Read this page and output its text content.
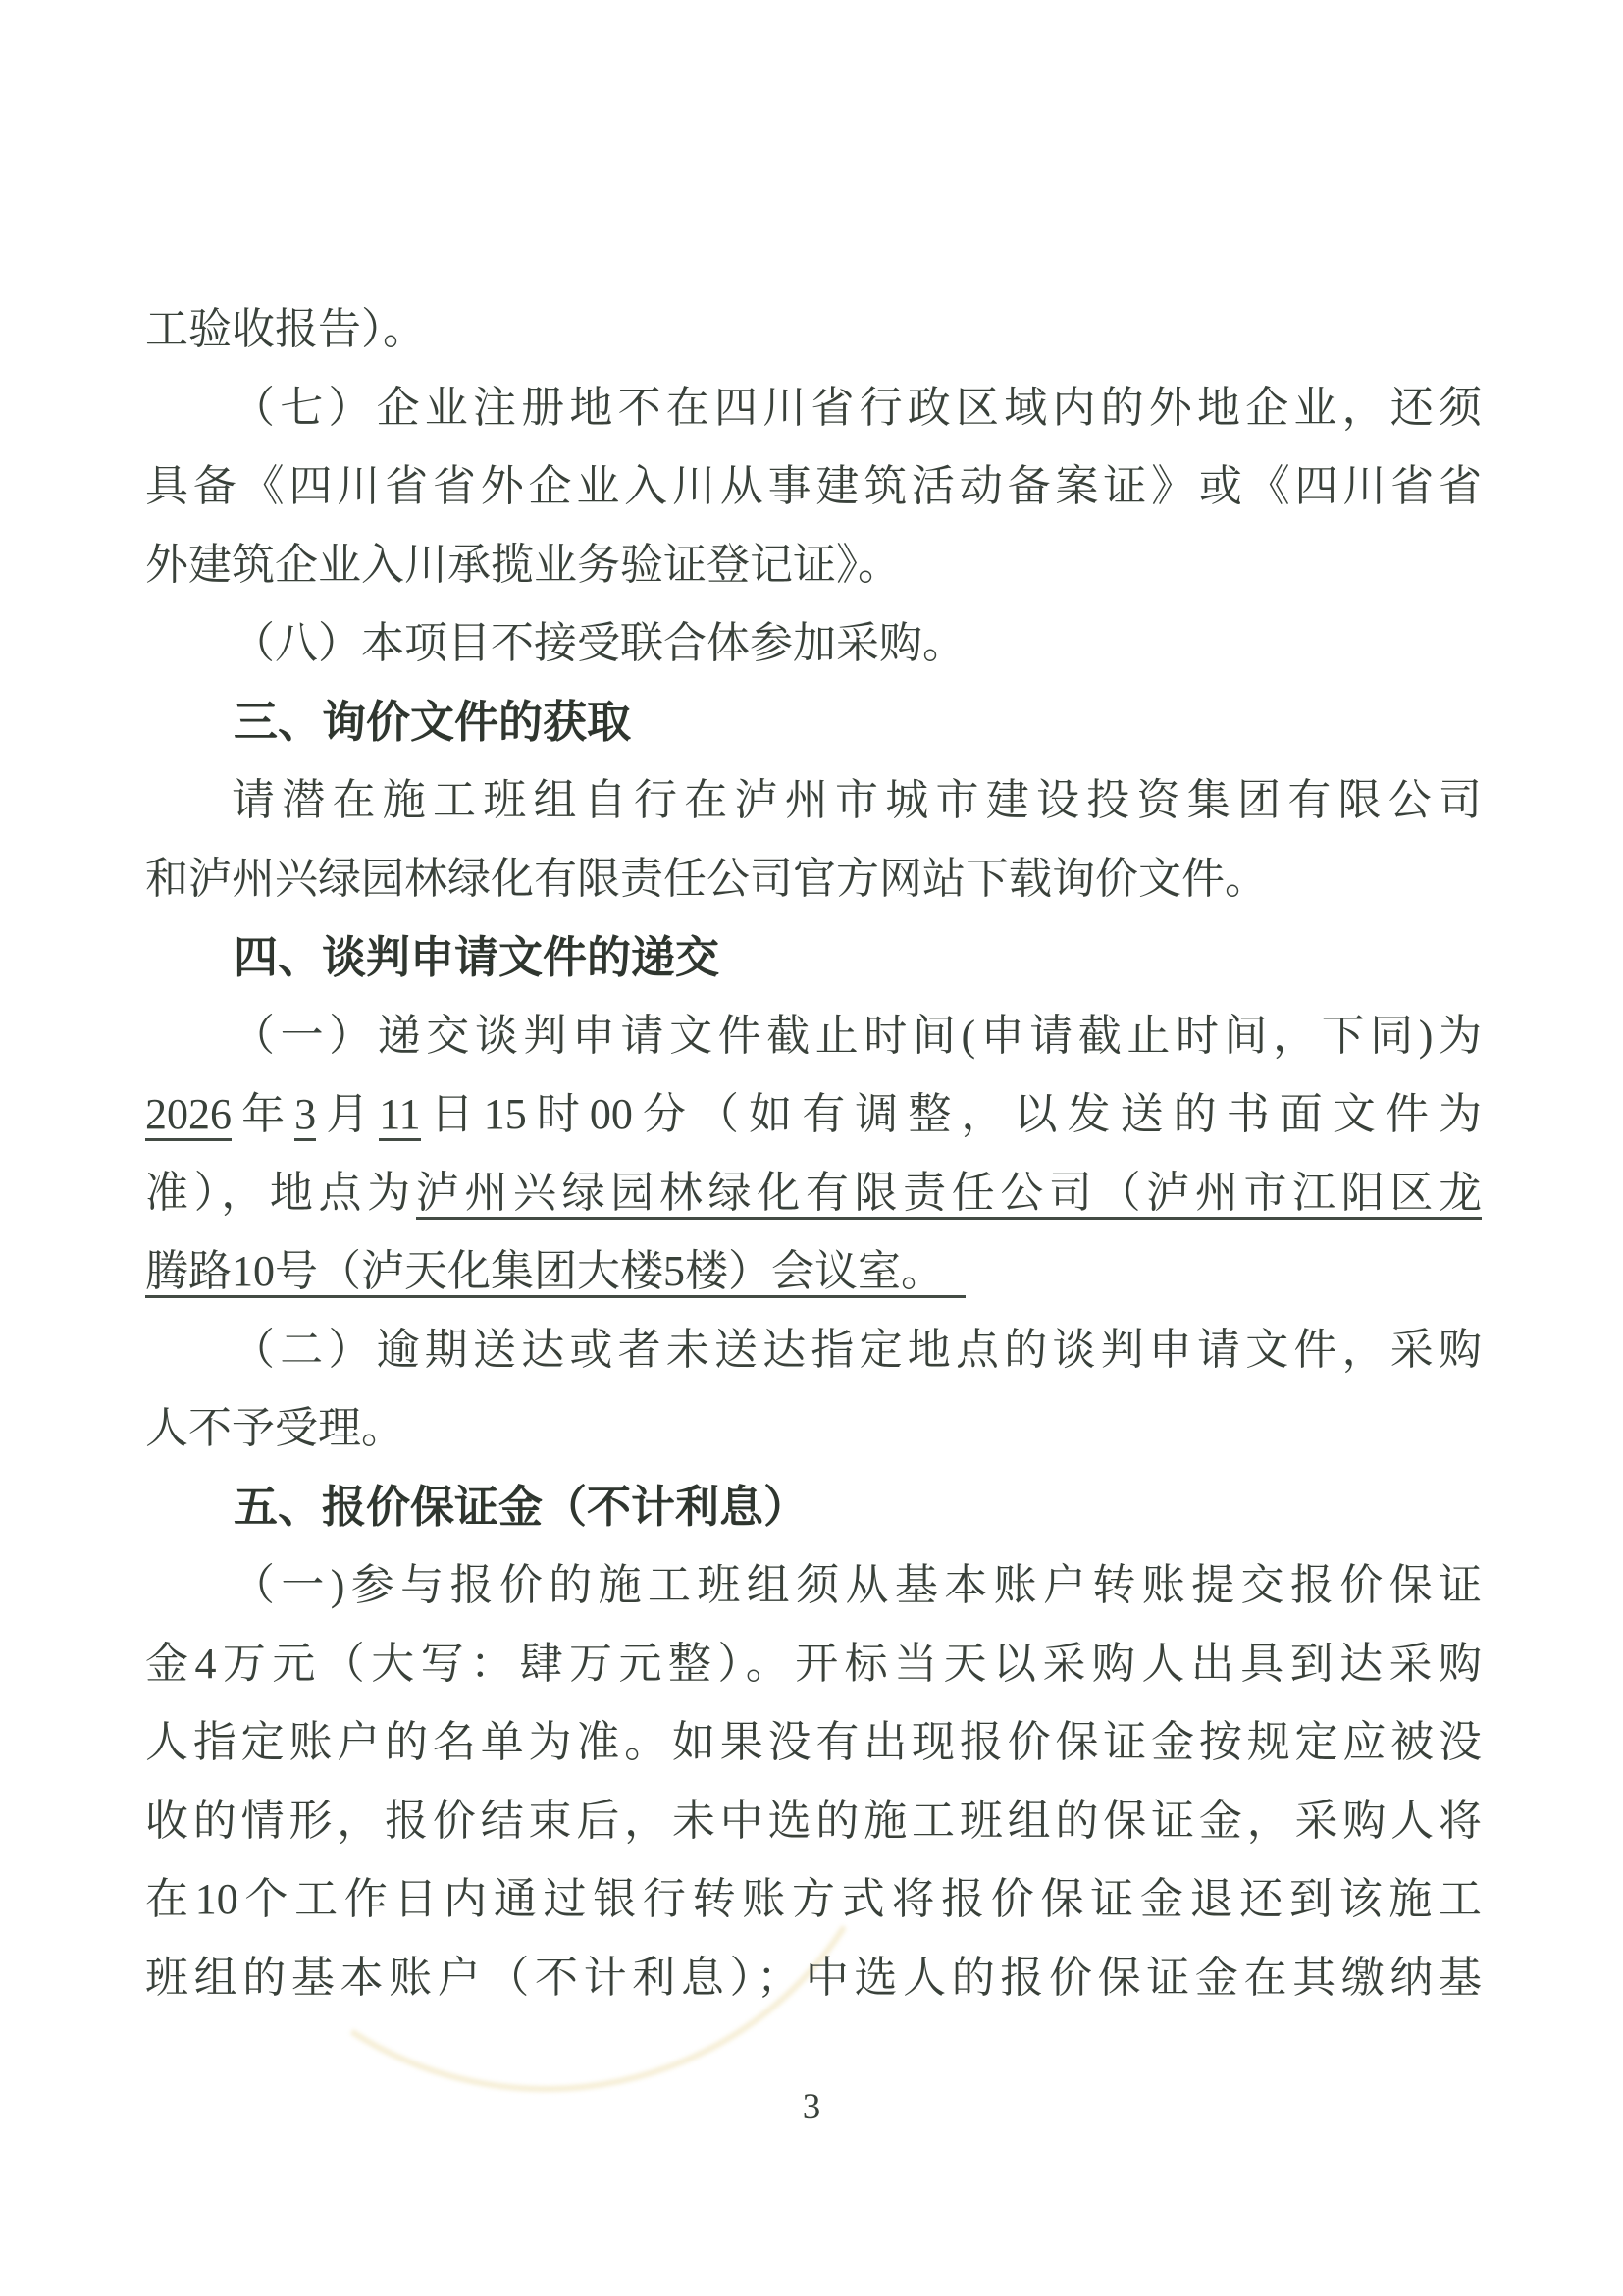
工验收报告）。
（七）企业注册地不在四川省行政区域内的外地企业，还须
具备《四川省省外企业入川从事建筑活动备案证》或《四川省省
外建筑企业入川承揽业务验证登记证》。
（八）本项目不接受联合体参加采购。
三、询价文件的获取
请潜在施工班组自行在泸州市城市建设投资集团有限公司
和泸州兴绿园林绿化有限责任公司官方网站下载询价文件。
四、谈判申请文件的递交
（一）递交谈判申请文件截止时间(申请截止时间，下同)为
2026年3月11日15时00分（如有调整，以发送的书面文件为
准），地点为泸州兴绿园林绿化有限责任公司（泸州市江阳区龙
腾路10号（泸天化集团大楼5楼）会议室。
（二）逾期送达或者未送达指定地点的谈判申请文件，采购
人不予受理。
五、报价保证金（不计利息）
（一)参与报价的施工班组须从基本账户转账提交报价保证
金4万元（大写：肆万元整）。开标当天以采购人出具到达采购
人指定账户的名单为准。如果没有出现报价保证金按规定应被没
收的情形，报价结束后，未中选的施工班组的保证金，采购人将
在10个工作日内通过银行转账方式将报价保证金退还到该施工
班组的基本账户（不计利息）；中选人的报价保证金在其缴纳基
3
